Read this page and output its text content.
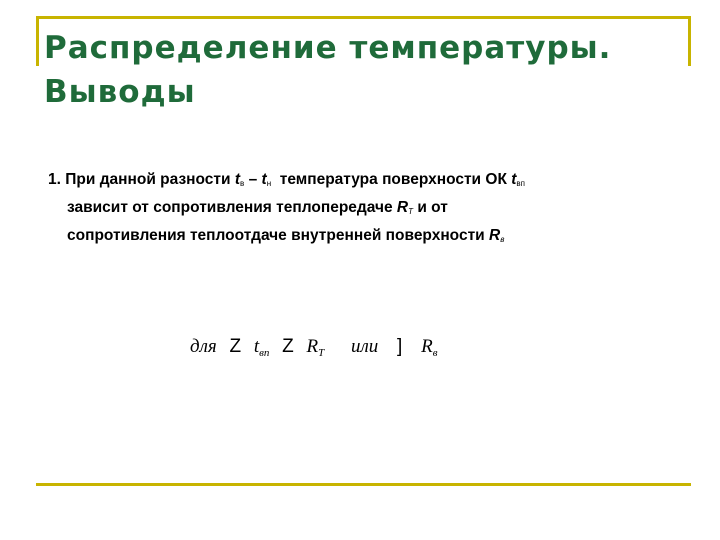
Распределение температуры.
Выводы
1. При данной разности $t_в - t_н$ температура поверхности ОК $t_{вп}$
зависит от сопротивления теплопередаче $R_T$ и от
сопротивления теплоотдаче внутренней поверхности $R_в$
для Z $t_{вп}$ Z $R_T$ или ] $R_в$
